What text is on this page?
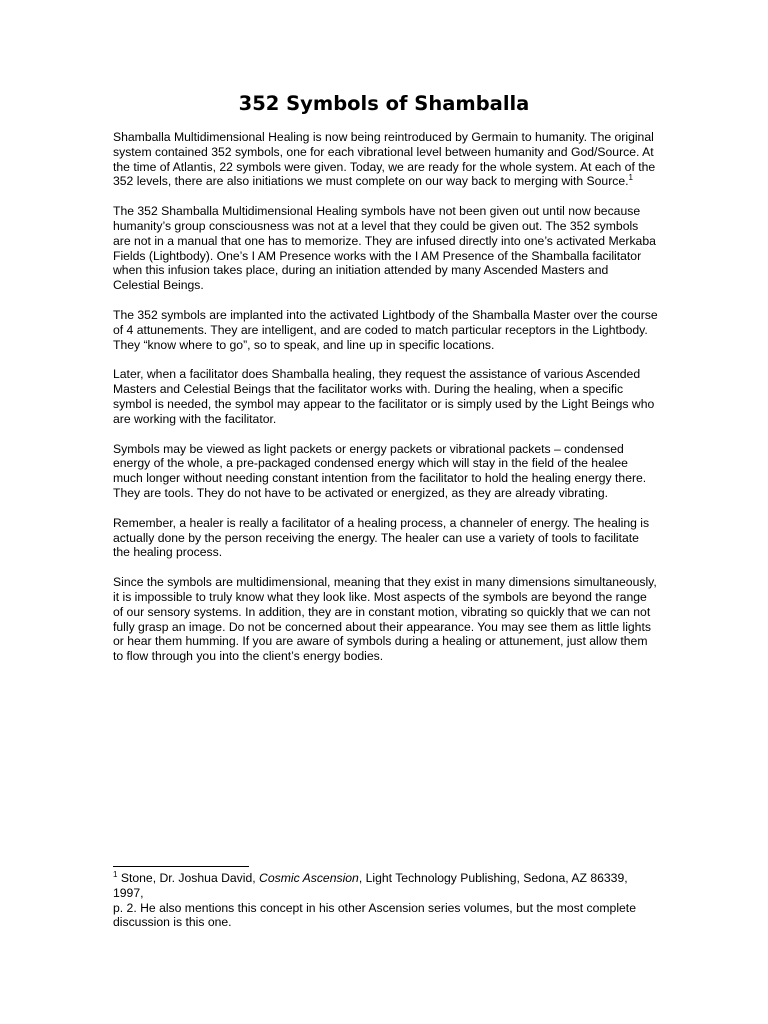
352 Symbols of Shamballa

Shamballa Multidimensional Healing is now being reintroduced by Germain to humanity. The original system contained 352 symbols, one for each vibrational level between humanity and God/Source. At the time of Atlantis, 22 symbols were given. Today, we are ready for the whole system. At each of the 352 levels, there are also initiations we must complete on our way back to merging with Source.$^1$

The 352 Shamballa Multidimensional Healing symbols have not been given out until now because humanity’s group consciousness was not at a level that they could be given out. The 352 symbols are not in a manual that one has to memorize. They are infused directly into one’s activated Merkaba Fields (Lightbody). One’s I AM Presence works with the I AM Presence of the Shamballa facilitator when this infusion takes place, during an initiation attended by many Ascended Masters and Celestial Beings.

The 352 symbols are implanted into the activated Lightbody of the Shamballa Master over the course of 4 attunements. They are intelligent, and are coded to match particular receptors in the Lightbody. They “know where to go”, so to speak, and line up in specific locations.

Later, when a facilitator does Shamballa healing, they request the assistance of various Ascended Masters and Celestial Beings that the facilitator works with. During the healing, when a specific symbol is needed, the symbol may appear to the facilitator or is simply used by the Light Beings who are working with the facilitator.

Symbols may be viewed as light packets or energy packets or vibrational packets – condensed energy of the whole, a pre-packaged condensed energy which will stay in the field of the healee much longer without needing constant intention from the facilitator to hold the healing energy there. They are tools. They do not have to be activated or energized, as they are already vibrating.

Remember, a healer is really a facilitator of a healing process, a channeler of energy. The healing is actually done by the person receiving the energy. The healer can use a variety of tools to facilitate the healing process.

Since the symbols are multidimensional, meaning that they exist in many dimensions simultaneously, it is impossible to truly know what they look like. Most aspects of the symbols are beyond the range of our sensory systems. In addition, they are in constant motion, vibrating so quickly that we can not fully grasp an image. Do not be concerned about their appearance. You may see them as little lights or hear them humming. If you are aware of symbols during a healing or attunement, just allow them to flow through you into the client’s energy bodies.

$^1$ Stone, Dr. Joshua David, Cosmic Ascension, Light Technology Publishing, Sedona, AZ 86339, 1997,

p. 2. He also mentions this concept in his other Ascension series volumes, but the most complete discussion is this one.
